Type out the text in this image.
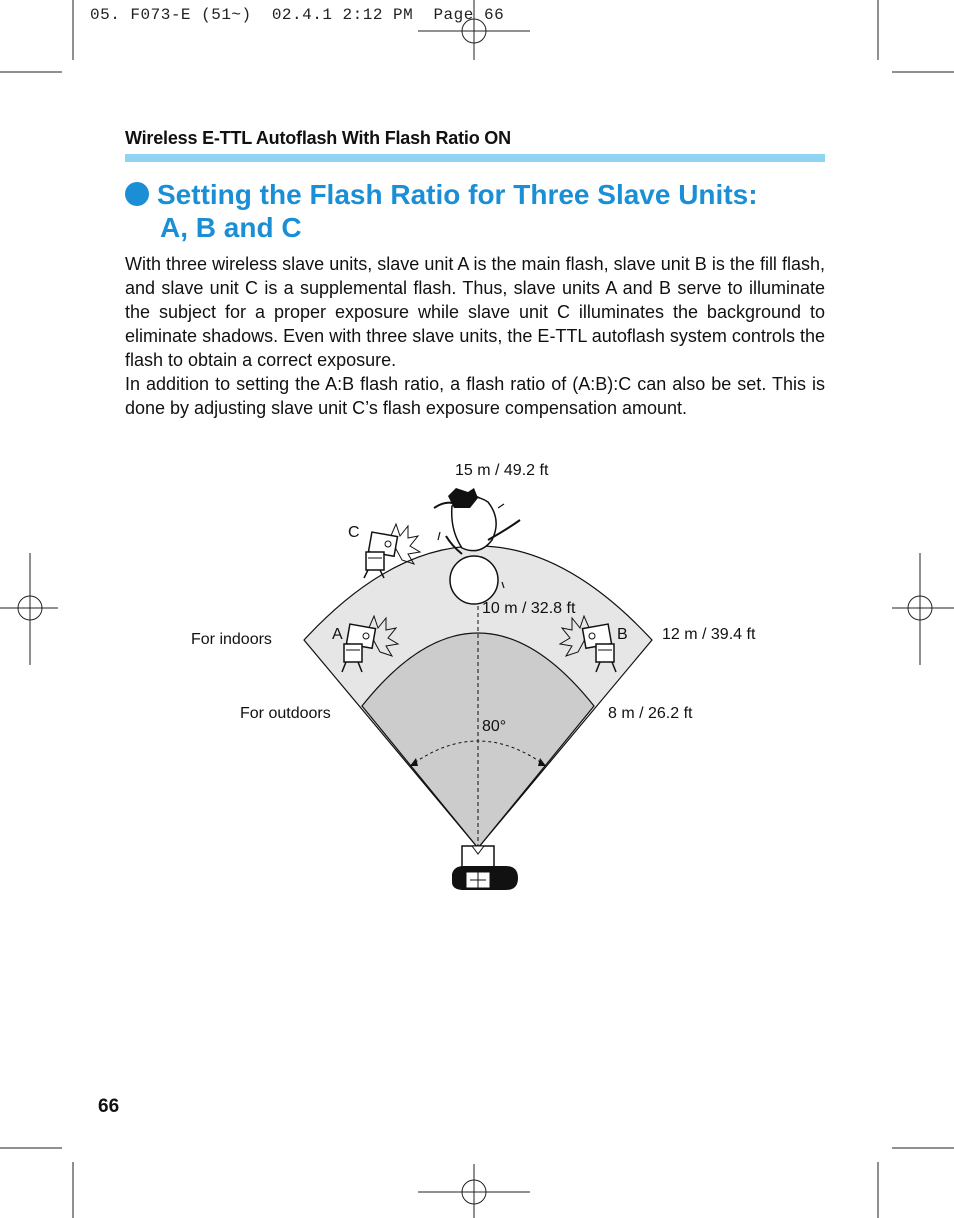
05. F073-E (51~)  02.4.1 2:12 PM  Page 66
Wireless E-TTL Autoflash With Flash Ratio ON
Setting the Flash Ratio for Three Slave Units:
A, B and C

With three wireless slave units, slave unit A is the main flash, slave unit B is the fill flash, and slave unit C is a supplemental flash. Thus, slave units A and B serve to illuminate the subject for a proper exposure while slave unit C illuminates the background to eliminate shadows. Even with three slave units, the E-TTL autoflash system controls the flash to obtain a correct exposure.

In addition to setting the A:B flash ratio, a flash ratio of (A:B):C can also be set. This is done by adjusting slave unit C’s flash exposure compensation amount.

15 m / 49.2 ft
C
10 m / 32.8 ft
For indoors	A	B 12 m / 39.4 ft
For outdoors	8 m / 26.2 ft
80°
66
